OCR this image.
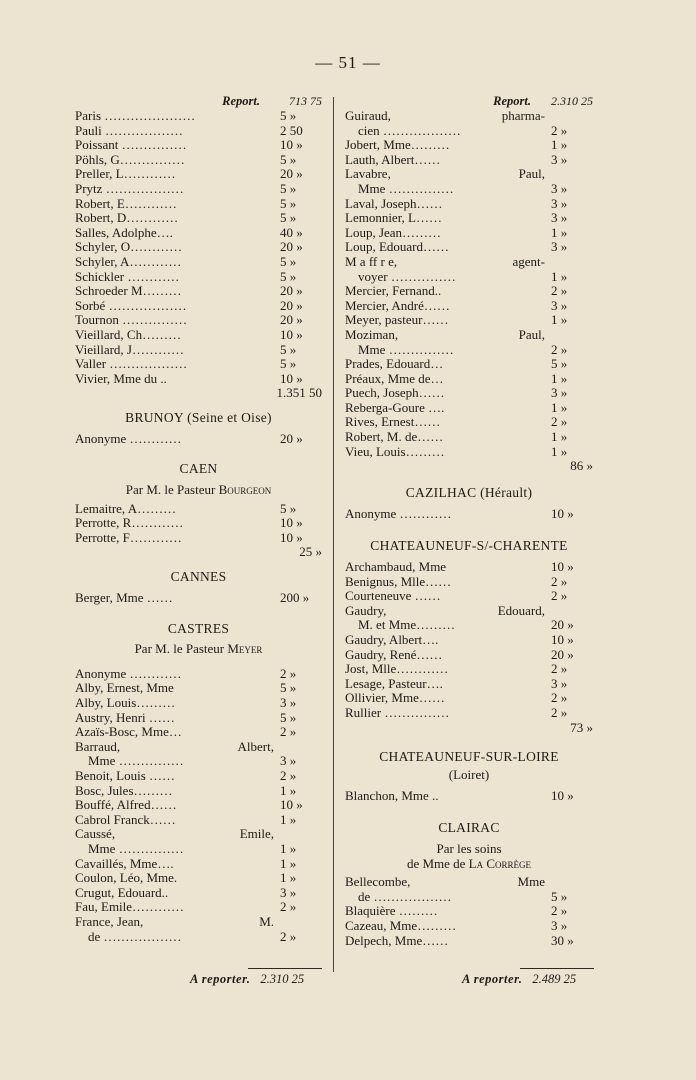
— 51 —
Report. 713 75
Paris …………………	5 »
Pauli ………………	2 50
Poissant ……………	10 »
Pöhls, G……………	5 »
Preller, L…………	20 »
Prytz ………………	5 »
Robert, E…………	5 »
Robert, D…………	5 »
Salles, Adolphe….	40 »
Schyler, O…………	20 »
Schyler, A…………	5 »
Schickler …………	5 »
Schroeder M………	20 »
Sorbé ………………	20 »
Tournon ……………	20 »
Vieillard, Ch………	10 »
Vieillard, J…………	5 »
Valler ………………	5 »
Vivier, Mme du ..	10 »
1.351 50
BRUNOY (Seine et Oise)
Anonyme …………	20 »
CAEN
Par M. le Pasteur Bourgeon
Lemaitre, A………	5 »
Perrotte, R…………	10 »
Perrotte, F…………	10 »
25 »
CANNES
Berger, Mme ……	200 »
CASTRES
Par M. le Pasteur Meyer
Anonyme …………	2 »
Alby, Ernest, Mme	5 »
Alby, Louis………	3 »
Austry, Henri ……	5 »
Azaïs-Bosc, Mme…	2 »
Barraud,	Albert,
Mme ……………	3 »
Benoit, Louis ……	2 »
Bosc, Jules………	1 »
Bouffé, Alfred……	10 »
Cabrol Franck……	1 »
Caussé,	Emile,
Mme ……………	1 »
Cavaillés, Mme….	1 »
Coulon, Léo, Mme.	1 »
Crugut, Edouard..	3 »
Fau, Emile…………	2 »
France, Jean,	M.
de ………………	2 »
A reporter. 2.310 25
Report. 2.310 25
Guiraud,	pharma-
cien ………………	2 »
Jobert, Mme………	1 »
Lauth, Albert……	3 »
Lavabre,	Paul,
Mme ……………	3 »
Laval, Joseph……	3 »
Lemonnier, L……	3 »
Loup, Jean………	1 »
Loup, Edouard……	3 »
M a ff r e,	agent-
voyer ……………	1 »
Mercier, Fernand..	2 »
Mercier, André……	3 »
Meyer, pasteur……	1 »
Moziman,	Paul,
Mme ……………	2 »
Prades, Edouard…	5 »
Préaux, Mme de…	1 »
Puech, Joseph……	3 »
Reberga-Goure ….	1 »
Rives, Ernest……	2 »
Robert, M. de……	1 »
Vieu, Louis………	1 »
86 »
CAZILHAC (Hérault)
Anonyme …………	10 »
CHATEAUNEUF-S/-CHARENTE
Archambaud, Mme	10 »
Benignus, Mlle……	2 »
Courteneuve ……	2 »
Gaudry,	Edouard,
M. et Mme………	20 »
Gaudry, Albert….	10 »
Gaudry, René……	20 »
Jost, Mlle…………	2 »
Lesage, Pasteur….	3 »
Ollivier, Mme……	2 »
Rullier ……………	2 »
73 »
CHATEAUNEUF-SUR-LOIRE
(Loiret)
Blanchon, Mme ..	10 »
CLAIRAC
Par les soins
de Mme de La Corrège
Bellecombe,	Mme
de ………………	5 »
Blaquière ………	2 »
Cazeau, Mme………	3 »
Delpech, Mme……	30 »
A reporter. 2.489 25
